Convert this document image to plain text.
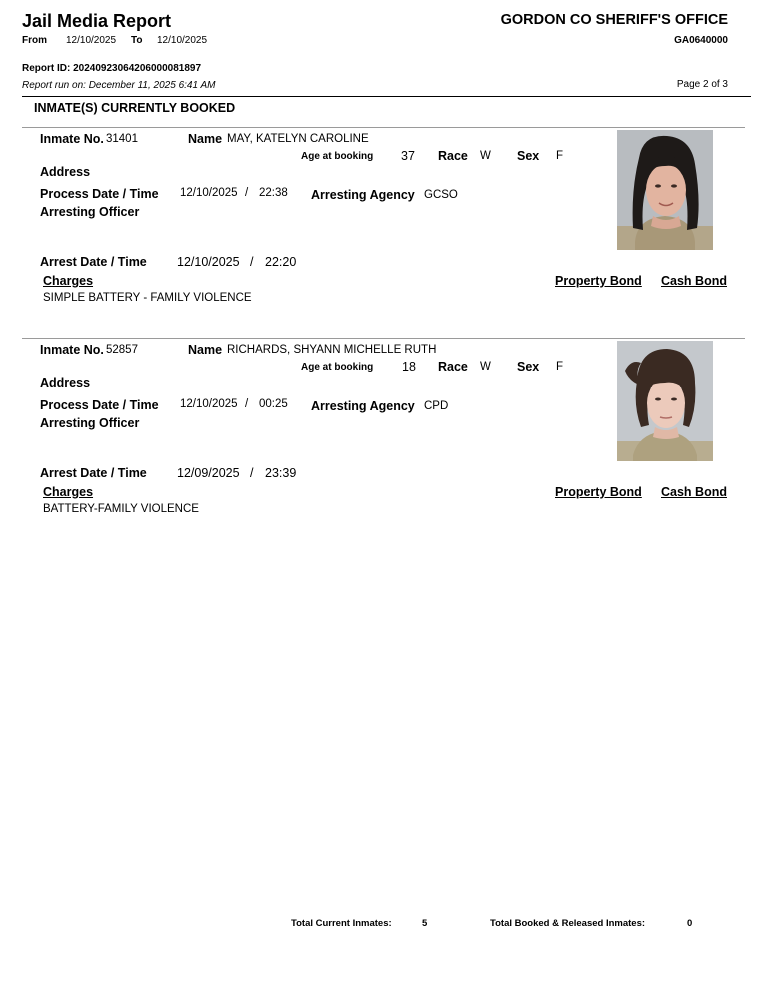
Jail Media Report
From 12/10/2025 To 12/10/2025
GORDON CO SHERIFF'S OFFICE
GA0640000
Report ID: 20240923064206000081897
Report run on: December 11, 2025 6:41 AM	Page 2 of 3
INMATE(S) CURRENTLY BOOKED
Inmate No. 31401	Name MAY, KATELYN CAROLINE
Age at booking 37 Race W Sex F
Address
Process Date / Time 12/10/2025 / 22:38 Arresting Agency GCSO
Arresting Officer
Arrest Date / Time 12/10/2025 / 22:20
Charges	Property Bond Cash Bond
SIMPLE BATTERY - FAMILY VIOLENCE
Inmate No. 52857	Name RICHARDS, SHYANN MICHELLE RUTH
Age at booking 18 Race W Sex F
Address
Process Date / Time 12/10/2025 / 00:25 Arresting Agency CPD
Arresting Officer
Arrest Date / Time 12/09/2025 / 23:39
Charges	Property Bond Cash Bond
BATTERY-FAMILY VIOLENCE
Total Current Inmates:	5	Total Booked & Released Inmates:	0
